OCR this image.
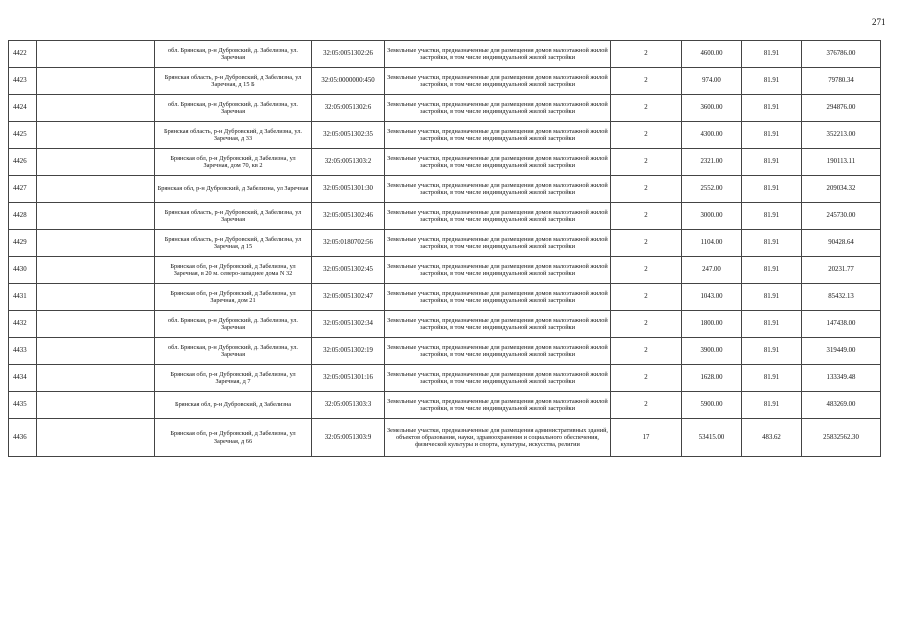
271
4422		обл. Брянская, р-н Дубровский, д. Забелизна, ул. Заречная	32:05:0051302:26	Земельные участки, предназначенные для размещения домов малоэтажной жилой застройки, в том числе индивидуальной жилой застройки	2	4600.00	81.91	376786.00
4423		Брянская область, р-н Дубровский, д Забелизна, ул Заречная, д 15 Б	32:05:0000000:450	Земельные участки, предназначенные для размещения домов малоэтажной жилой застройки, в том числе индивидуальной жилой застройки	2	974.00	81.91	79780.34
4424		обл. Брянская, р-н Дубровский, д. Забелизна, ул. Заречная	32:05:0051302:6	Земельные участки, предназначенные для размещения домов малоэтажной жилой застройки, в том числе индивидуальной жилой застройки	2	3600.00	81.91	294876.00
4425		Брянская область, р-н Дубровский, д Забелизна, ул. Заречная, д 33	32:05:0051302:35	Земельные участки, предназначенные для размещения домов малоэтажной жилой застройки, в том числе индивидуальной жилой застройки	2	4300.00	81.91	352213.00
4426		Брянская обл, р-н Дубровский, д Забелизна, ул Заречная, дом 70, кв 2	32:05:0051303:2	Земельные участки, предназначенные для размещения домов малоэтажной жилой застройки, в том числе индивидуальной жилой застройки	2	2321.00	81.91	190113.11
4427		Брянская обл, р-н Дубровский, д Забелизна, ул Заречная	32:05:0051301:30	Земельные участки, предназначенные для размещения домов малоэтажной жилой застройки, в том числе индивидуальной жилой застройки	2	2552.00	81.91	209034.32
4428		Брянская область, р-н Дубровский, д Забелизна, ул Заречная	32:05:0051302:46	Земельные участки, предназначенные для размещения домов малоэтажной жилой застройки, в том числе индивидуальной жилой застройки	2	3000.00	81.91	245730.00
4429		Брянская область, р-н Дубровский, д Забелизна, ул Заречная, д 15	32:05:0180702:56	Земельные участки, предназначенные для размещения домов малоэтажной жилой застройки, в том числе индивидуальной жилой застройки	2	1104.00	81.91	90428.64
4430		Брянская обл, р-н Дубровский, д Забелизна, ул Заречная, в 20 м. северо-западнее дома N 32	32:05:0051302:45	Земельные участки, предназначенные для размещения домов малоэтажной жилой застройки, в том числе индивидуальной жилой застройки	2	247.00	81.91	20231.77
4431		Брянская обл, р-н Дубровский, д Забелизна, ул Заречная, дом 21	32:05:0051302:47	Земельные участки, предназначенные для размещения домов малоэтажной жилой застройки, в том числе индивидуальной жилой застройки	2	1043.00	81.91	85432.13
4432		обл. Брянская, р-н Дубровский, д. Забелизна, ул. Заречная	32:05:0051302:34	Земельные участки, предназначенные для размещения домов малоэтажной жилой застройки, в том числе индивидуальной жилой застройки	2	1800.00	81.91	147438.00
4433		обл. Брянская, р-н Дубровский, д. Забелизна, ул. Заречная	32:05:0051302:19	Земельные участки, предназначенные для размещения домов малоэтажной жилой застройки, в том числе индивидуальной жилой застройки	2	3900.00	81.91	319449.00
4434		Брянская обл, р-н Дубровский, д Забелизна, ул Заречная, д 7	32:05:0051301:16	Земельные участки, предназначенные для размещения домов малоэтажной жилой застройки, в том числе индивидуальной жилой застройки	2	1628.00	81.91	133349.48
4435		Брянская обл, р-н Дубровский, д Забелизна	32:05:0051303:3	Земельные участки, предназначенные для размещения домов малоэтажной жилой застройки, в том числе индивидуальной жилой застройки	2	5900.00	81.91	483269.00
4436		Брянская обл, р-н Дубровский, д Забелизна, ул Заречная, д 66	32:05:0051303:9	Земельные участки, предназначенные для размещения административных зданий, объектов образования, науки, здравоохранения и социального обеспечения, физической культуры и спорта, культуры, искусства, религии	17	53415.00	483.62	25832562.30
